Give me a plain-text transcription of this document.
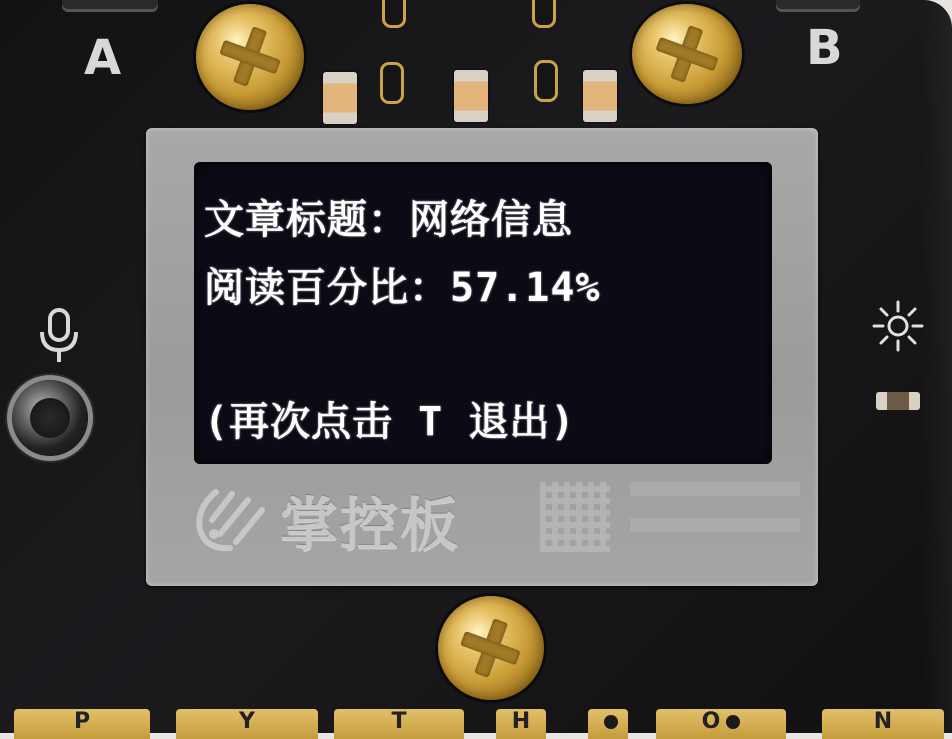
A	B
文章标题：网络信息
阅读百分比：57.14%
(再次点击 T 退出)
掌控板
P	Y	T	H	O	N
